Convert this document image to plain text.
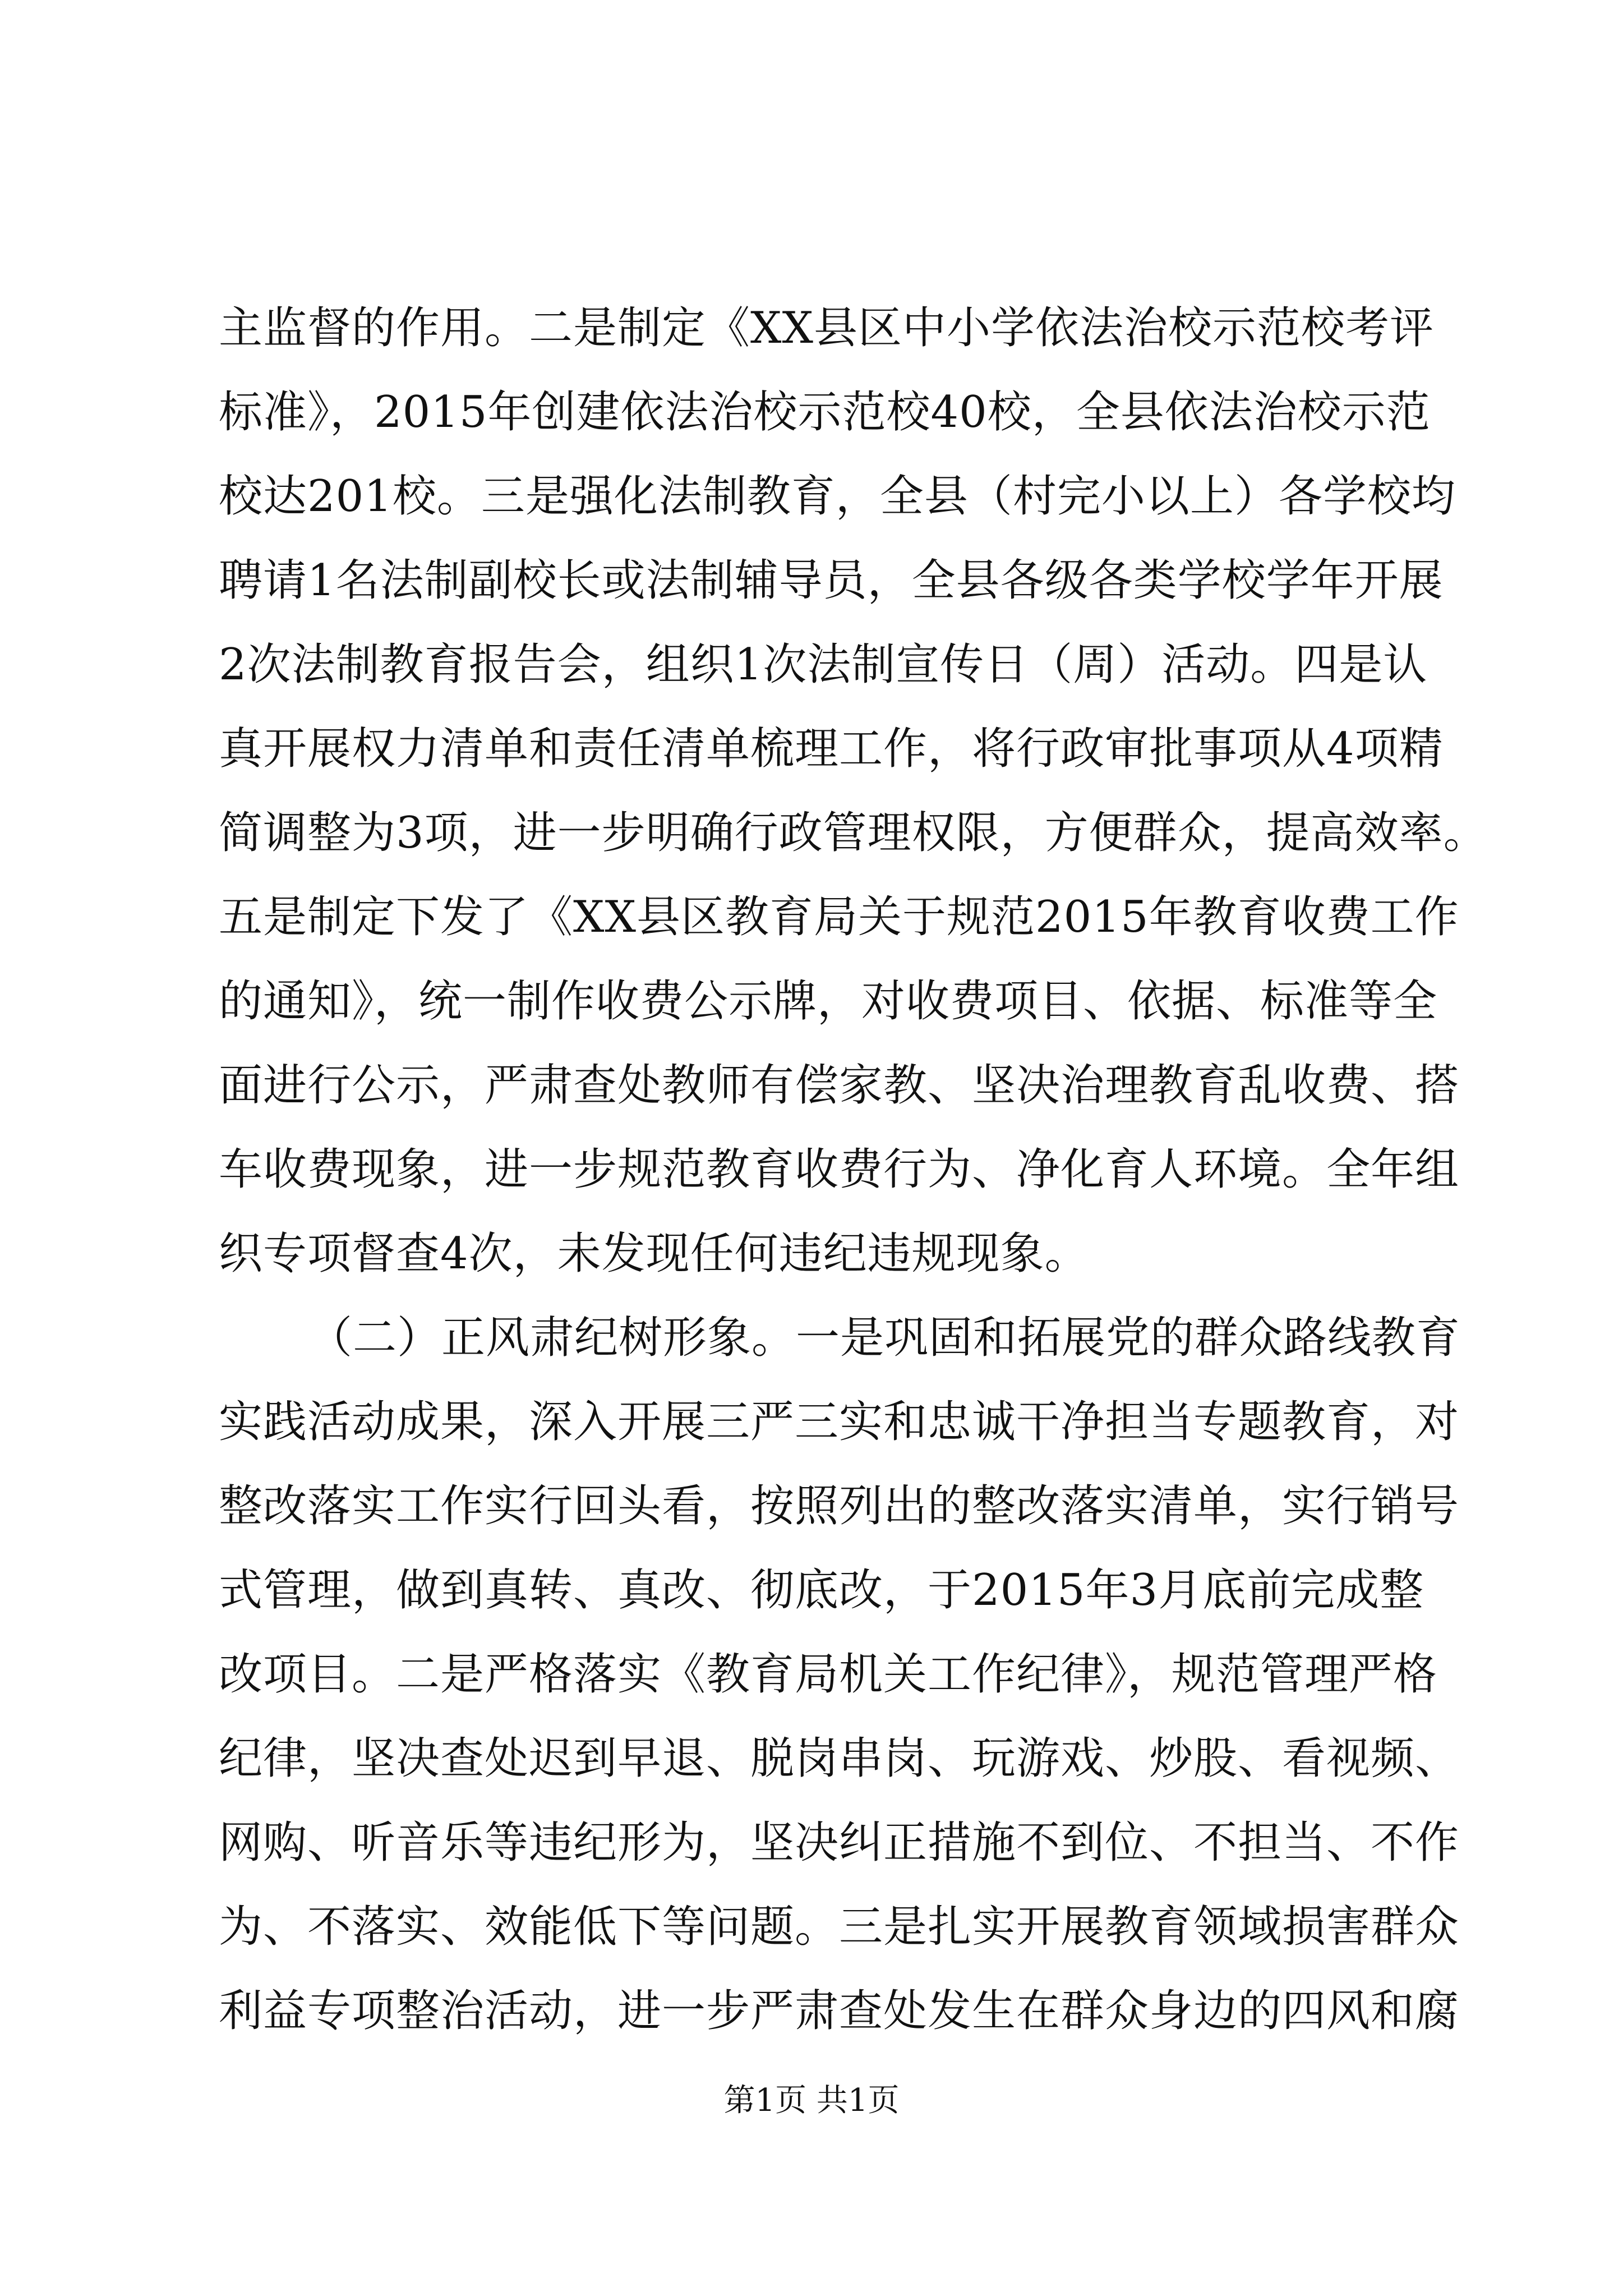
主监督的作用。二是制定《XX县区中小学依法治校示范校考评
标准》，2015年创建依法治校示范校40校，全县依法治校示范
校达201校。三是强化法制教育，全县（村完小以上）各学校均
聘请1名法制副校长或法制辅导员，全县各级各类学校学年开展
2次法制教育报告会，组织1次法制宣传日（周）活动。四是认
真开展权力清单和责任清单梳理工作，将行政审批事项从4项精
简调整为3项，进一步明确行政管理权限，方便群众，提高效率。
五是制定下发了《XX县区教育局关于规范2015年教育收费工作
的通知》，统一制作收费公示牌，对收费项目、依据、标准等全
面进行公示，严肃查处教师有偿家教、坚决治理教育乱收费、搭
车收费现象，进一步规范教育收费行为、净化育人环境。全年组
织专项督查4次，未发现任何违纪违规现象。
（二）正风肃纪树形象。一是巩固和拓展党的群众路线教育
实践活动成果，深入开展三严三实和忠诚干净担当专题教育，对
整改落实工作实行回头看，按照列出的整改落实清单，实行销号
式管理，做到真转、真改、彻底改，于2015年3月底前完成整
改项目。二是严格落实《教育局机关工作纪律》，规范管理严格
纪律，坚决查处迟到早退、脱岗串岗、玩游戏、炒股、看视频、
网购、听音乐等违纪形为，坚决纠正措施不到位、不担当、不作
为、不落实、效能低下等问题。三是扎实开展教育领域损害群众
利益专项整治活动，进一步严肃查处发生在群众身边的四风和腐
第1页 共1页
